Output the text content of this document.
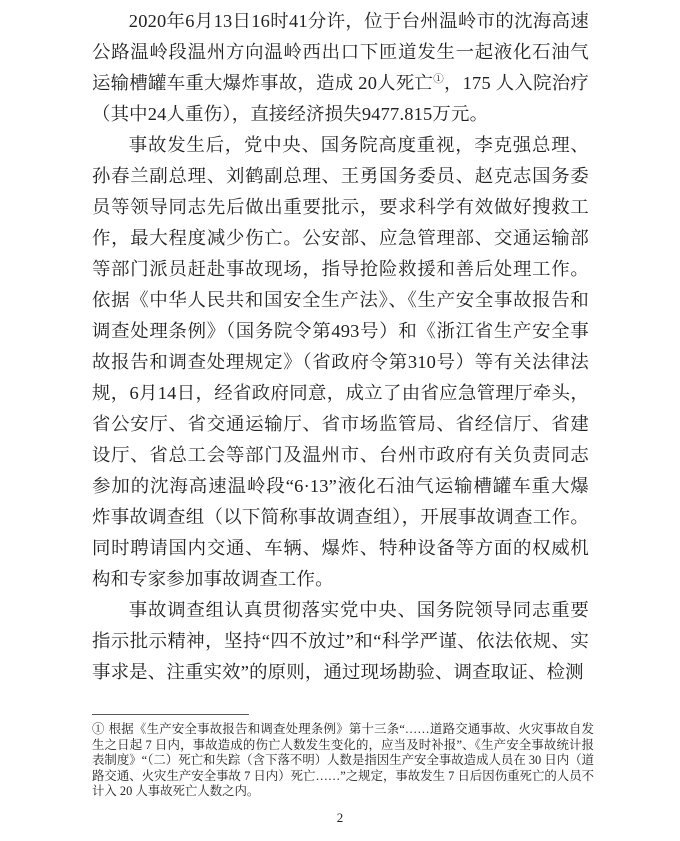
2020年6月13日16时41分许，位于台州温岭市的沈海高速公路温岭段温州方向温岭西出口下匝道发生一起液化石油气运输槽罐车重大爆炸事故，造成 20人死亡①，175 人入院治疗（其中24人重伤），直接经济损失9477.815万元。

事故发生后，党中央、国务院高度重视，李克强总理、孙春兰副总理、刘鹤副总理、王勇国务委员、赵克志国务委员等领导同志先后做出重要批示，要求科学有效做好搜救工作，最大程度减少伤亡。公安部、应急管理部、交通运输部等部门派员赶赴事故现场，指导抢险救援和善后处理工作。依据《中华人民共和国安全生产法》、《生产安全事故报告和调查处理条例》（国务院令第493号）和《浙江省生产安全事故报告和调查处理规定》（省政府令第310号）等有关法律法规，6月14日，经省政府同意，成立了由省应急管理厅牵头，省公安厅、省交通运输厅、省市场监管局、省经信厅、省建设厅、省总工会等部门及温州市、台州市政府有关负责同志参加的沈海高速温岭段“6·13”液化石油气运输槽罐车重大爆炸事故调查组（以下简称事故调查组），开展事故调查工作。同时聘请国内交通、车辆、爆炸、特种设备等方面的权威机构和专家参加事故调查工作。

事故调查组认真贯彻落实党中央、国务院领导同志重要指示批示精神，坚持“四不放过”和“科学严谨、依法依规、实事求是、注重实效”的原则，通过现场勘验、调查取证、检测

① 根据《生产安全事故报告和调查处理条例》第十三条“……道路交通事故、火灾事故自发生之日起 7 日内，事故造成的伤亡人数发生变化的，应当及时补报”、《生产安全事故统计报表制度》“（二）死亡和失踪（含下落不明）人数是指因生产安全事故造成人员在 30 日内（道路交通、火灾生产安全事故 7 日内）死亡……”之规定，事故发生 7 日后因伤重死亡的人员不计入 20 人事故死亡人数之内。

2
